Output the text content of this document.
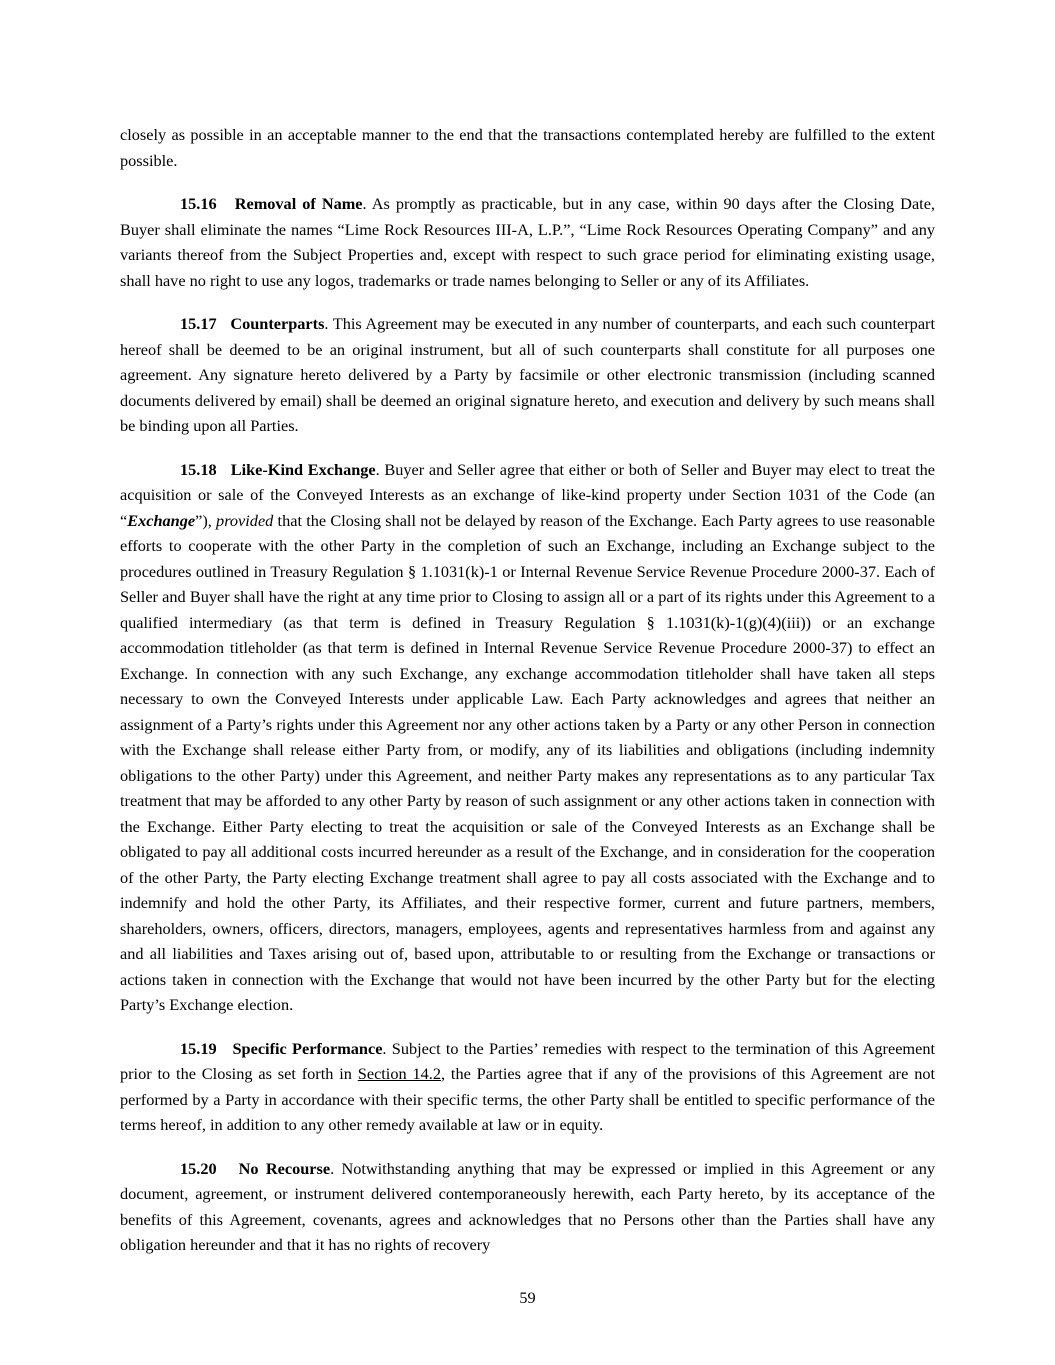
closely as possible in an acceptable manner to the end that the transactions contemplated hereby are fulfilled to the extent possible.

15.16 Removal of Name. As promptly as practicable, but in any case, within 90 days after the Closing Date, Buyer shall eliminate the names “Lime Rock Resources III-A, L.P.”, “Lime Rock Resources Operating Company” and any variants thereof from the Subject Properties and, except with respect to such grace period for eliminating existing usage, shall have no right to use any logos, trademarks or trade names belonging to Seller or any of its Affiliates.

15.17 Counterparts. This Agreement may be executed in any number of counterparts, and each such counterpart hereof shall be deemed to be an original instrument, but all of such counterparts shall constitute for all purposes one agreement. Any signature hereto delivered by a Party by facsimile or other electronic transmission (including scanned documents delivered by email) shall be deemed an original signature hereto, and execution and delivery by such means shall be binding upon all Parties.

15.18 Like-Kind Exchange. Buyer and Seller agree that either or both of Seller and Buyer may elect to treat the acquisition or sale of the Conveyed Interests as an exchange of like-kind property under Section 1031 of the Code (an “Exchange”), provided that the Closing shall not be delayed by reason of the Exchange. Each Party agrees to use reasonable efforts to cooperate with the other Party in the completion of such an Exchange, including an Exchange subject to the procedures outlined in Treasury Regulation § 1.1031(k)-1 or Internal Revenue Service Revenue Procedure 2000-37. Each of Seller and Buyer shall have the right at any time prior to Closing to assign all or a part of its rights under this Agreement to a qualified intermediary (as that term is defined in Treasury Regulation § 1.1031(k)-1(g)(4)(iii)) or an exchange accommodation titleholder (as that term is defined in Internal Revenue Service Revenue Procedure 2000-37) to effect an Exchange. In connection with any such Exchange, any exchange accommodation titleholder shall have taken all steps necessary to own the Conveyed Interests under applicable Law. Each Party acknowledges and agrees that neither an assignment of a Party’s rights under this Agreement nor any other actions taken by a Party or any other Person in connection with the Exchange shall release either Party from, or modify, any of its liabilities and obligations (including indemnity obligations to the other Party) under this Agreement, and neither Party makes any representations as to any particular Tax treatment that may be afforded to any other Party by reason of such assignment or any other actions taken in connection with the Exchange. Either Party electing to treat the acquisition or sale of the Conveyed Interests as an Exchange shall be obligated to pay all additional costs incurred hereunder as a result of the Exchange, and in consideration for the cooperation of the other Party, the Party electing Exchange treatment shall agree to pay all costs associated with the Exchange and to indemnify and hold the other Party, its Affiliates, and their respective former, current and future partners, members, shareholders, owners, officers, directors, managers, employees, agents and representatives harmless from and against any and all liabilities and Taxes arising out of, based upon, attributable to or resulting from the Exchange or transactions or actions taken in connection with the Exchange that would not have been incurred by the other Party but for the electing Party’s Exchange election.

15.19 Specific Performance. Subject to the Parties’ remedies with respect to the termination of this Agreement prior to the Closing as set forth in Section 14.2, the Parties agree that if any of the provisions of this Agreement are not performed by a Party in accordance with their specific terms, the other Party shall be entitled to specific performance of the terms hereof, in addition to any other remedy available at law or in equity.

15.20 No Recourse. Notwithstanding anything that may be expressed or implied in this Agreement or any document, agreement, or instrument delivered contemporaneously herewith, each Party hereto, by its acceptance of the benefits of this Agreement, covenants, agrees and acknowledges that no Persons other than the Parties shall have any obligation hereunder and that it has no rights of recovery

59
